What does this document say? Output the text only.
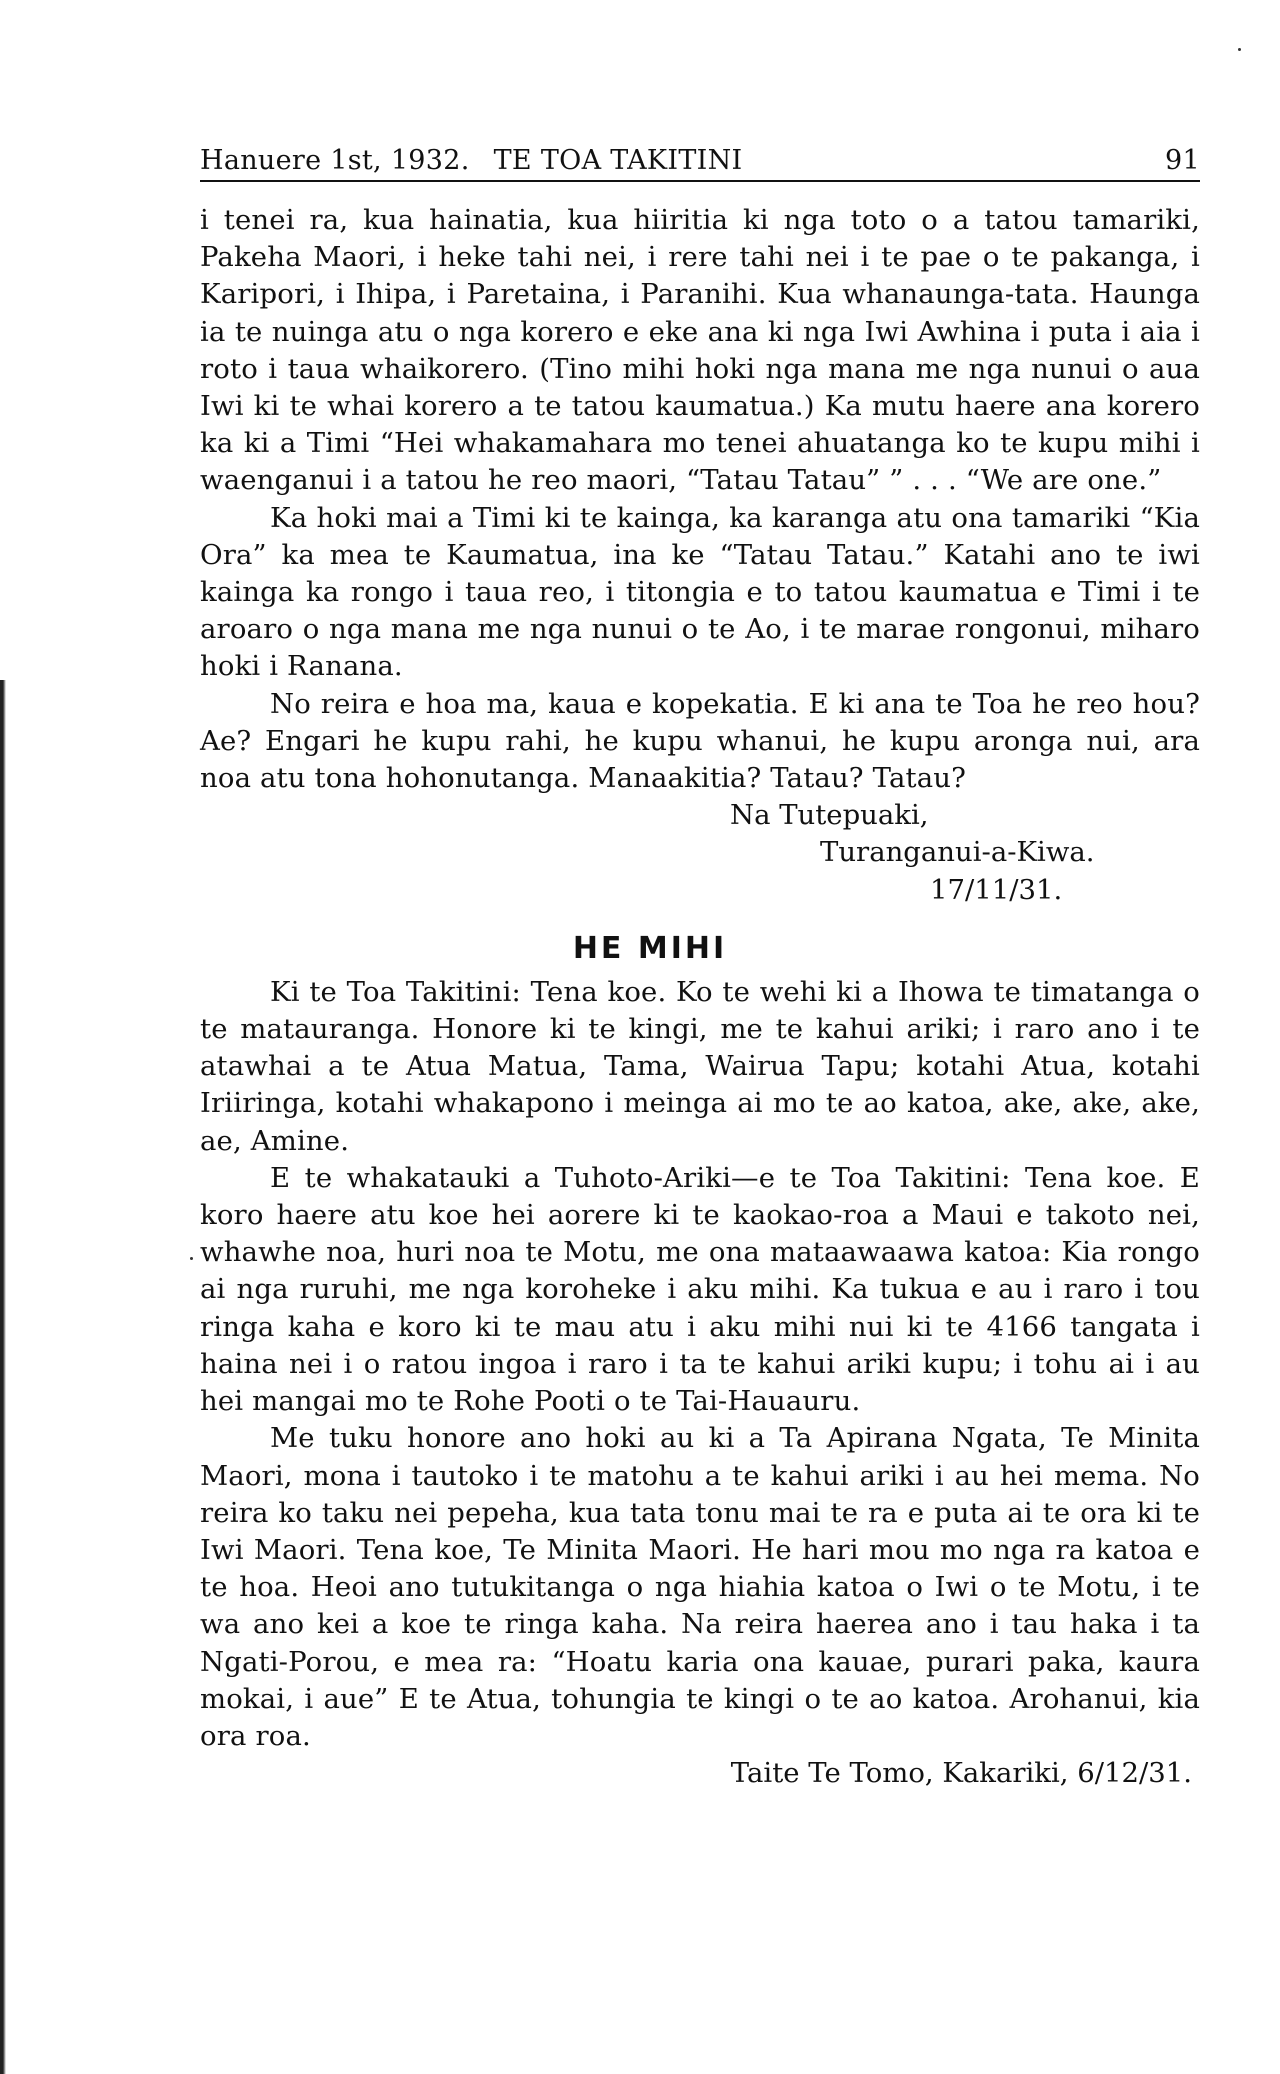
Hanuere 1st, 1932. TE TOA TAKITINI	91

i tenei ra, kua hainatia, kua hiiritia ki nga toto o a tatou tamariki, Pakeha Maori, i heke tahi nei, i rere tahi nei i te pae o te pakanga, i Karipori, i Ihipa, i Paretaina, i Paranihi. Kua whanaunga-tata. Haunga ia te nuinga atu o nga korero e eke ana ki nga Iwi Awhina i puta i aia i roto i taua whaikorero. (Tino mihi hoki nga mana me nga nunui o aua Iwi ki te whai korero a te tatou kaumatua.) Ka mutu haere ana korero ka ki a Timi “Hei whakamahara mo tenei ahuatanga ko te kupu mihi i waenganui i a tatou he reo maori, “Tatau Tatau” ” . . . “We are one.”

Ka hoki mai a Timi ki te kainga, ka karanga atu ona tamariki “Kia Ora” ka mea te Kaumatua, ina ke “Tatau Tatau.” Katahi ano te iwi kainga ka rongo i taua reo, i titongia e to tatou kaumatua e Timi i te aroaro o nga mana me nga nunui o te Ao, i te marae rongonui, miharo hoki i Ranana.

No reira e hoa ma, kaua e kopekatia. E ki ana te Toa he reo hou? Ae? Engari he kupu rahi, he kupu whanui, he kupu aronga nui, ara noa atu tona hohonutanga. Manaakitia? Tatau? Tatau?

Na Tutepuaki,
Turanganui-a-Kiwa.
17/11/31.
HE MIHI

Ki te Toa Takitini: Tena koe. Ko te wehi ki a Ihowa te timatanga o te matauranga. Honore ki te kingi, me te kahui ariki; i raro ano i te atawhai a te Atua Matua, Tama, Wairua Tapu; kotahi Atua, kotahi Iriiringa, kotahi whakapono i meinga ai mo te ao katoa, ake, ake, ake, ae, Amine.

E te whakatauki a Tuhoto-Ariki—e te Toa Takitini: Tena koe. E koro haere atu koe hei aorere ki te kaokao-roa a Maui e takoto nei, whawhe noa, huri noa te Motu, me ona mataawaawa katoa: Kia rongo ai nga ruruhi, me nga koroheke i aku mihi. Ka tukua e au i raro i tou ringa kaha e koro ki te mau atu i aku mihi nui ki te 4166 tangata i haina nei i o ratou ingoa i raro i ta te kahui ariki kupu; i tohu ai i au hei mangai mo te Rohe Pooti o te Tai-Hauauru.

Me tuku honore ano hoki au ki a Ta Apirana Ngata, Te Minita Maori, mona i tautoko i te matohu a te kahui ariki i au hei mema. No reira ko taku nei pepeha, kua tata tonu mai te ra e puta ai te ora ki te Iwi Maori. Tena koe, Te Minita Maori. He hari mou mo nga ra katoa e te hoa. Heoi ano tutukitanga o nga hiahia katoa o Iwi o te Motu, i te wa ano kei a koe te ringa kaha. Na reira haerea ano i tau haka i ta Ngati-Porou, e mea ra: “Hoatu karia ona kauae, purari paka, kaura mokai, i aue” E te Atua, tohungia te kingi o te ao katoa. Arohanui, kia ora roa.

Taite Te Tomo, Kakariki, 6/12/31.
